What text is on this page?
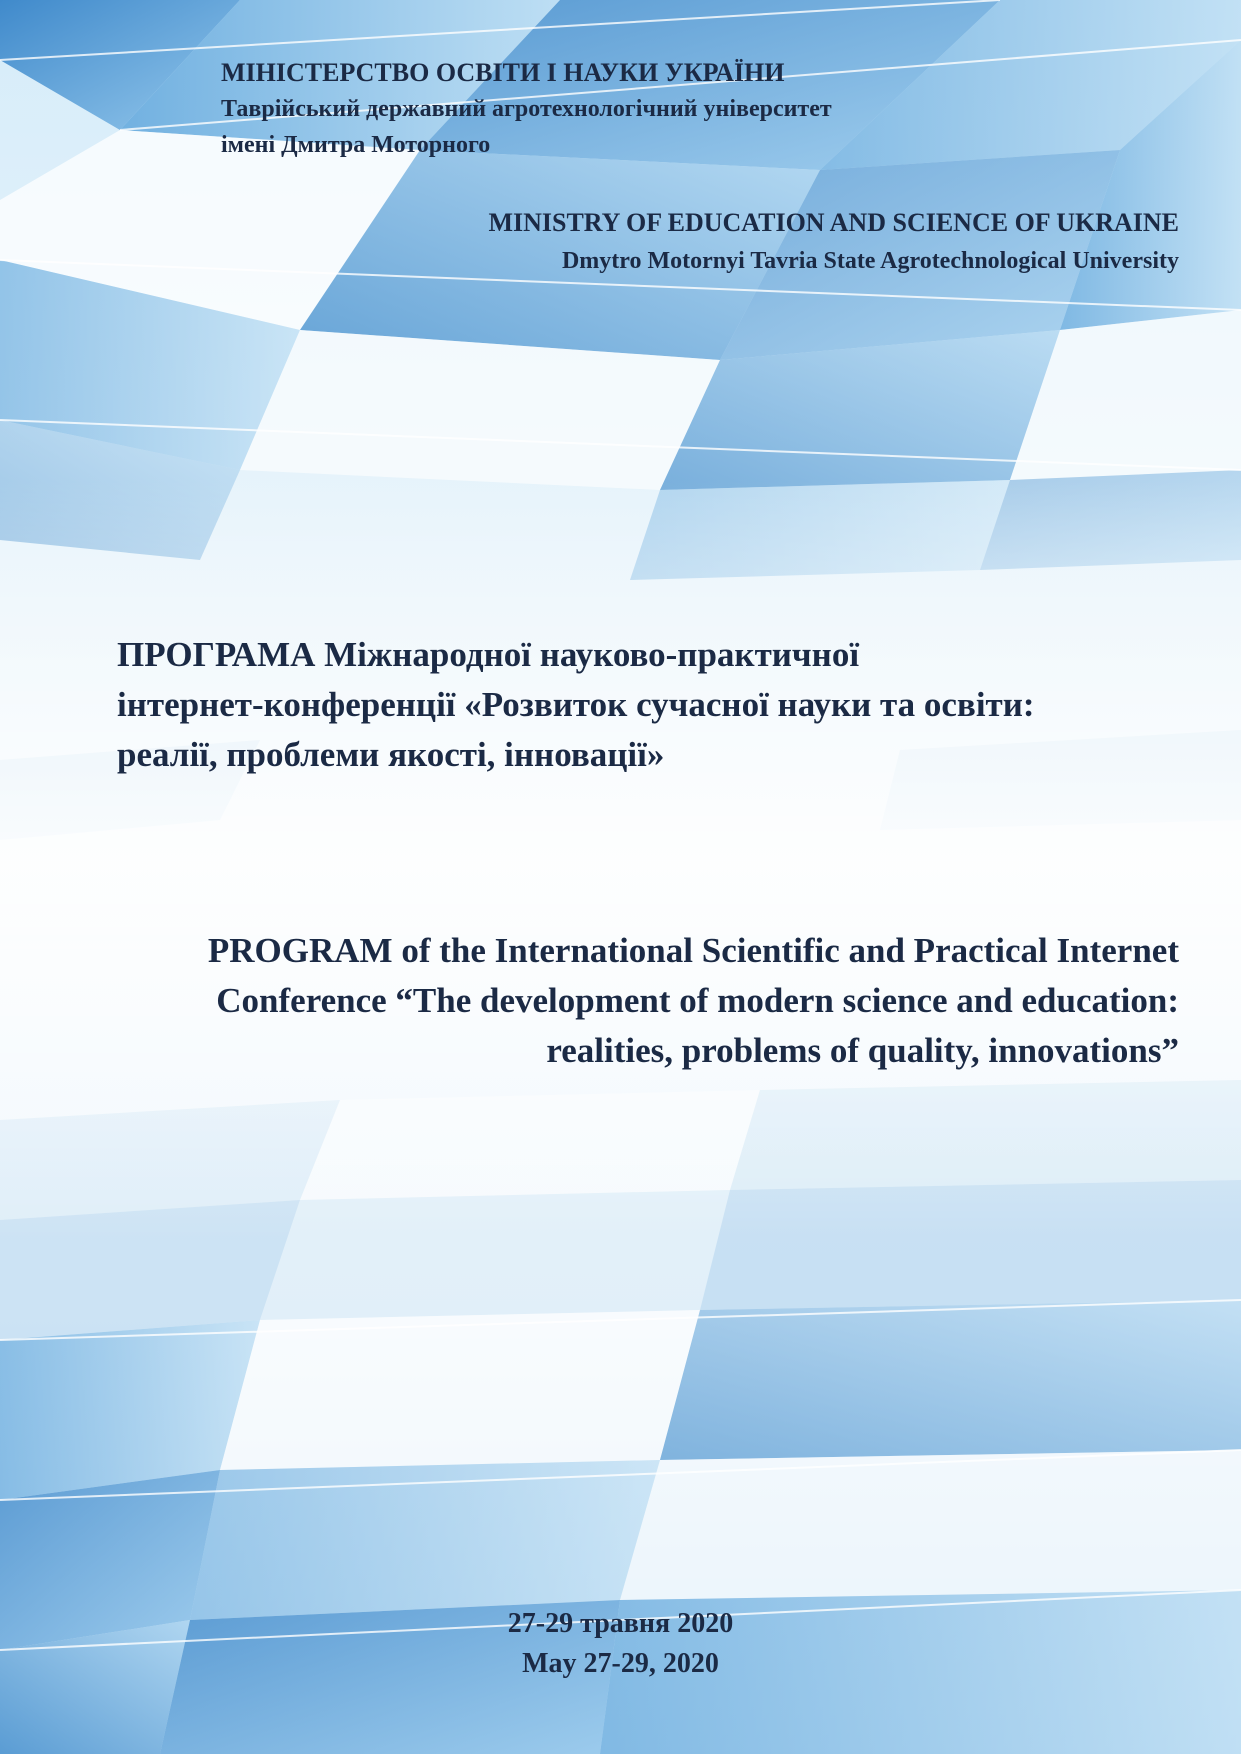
МІНІСТЕРСТВО ОСВІТИ І НАУКИ УКРАЇНИ
Таврійський державний агротехнологічний університет
імені Дмитра Моторного
MINISTRY OF EDUCATION AND SCIENCE OF UKRAINE
Dmytro Motornyi Tavria State Agrotechnological University
ПРОГРАМА Міжнародної науково-практичної
інтернет-конференції «Розвиток сучасної науки та освіти:
реалії, проблеми якості, інновації»
PROGRAM of the International Scientific and Practical Internet
Conference “The development of modern science and education:
realities, problems of quality, innovations”
27-29 травня 2020
May 27-29, 2020
